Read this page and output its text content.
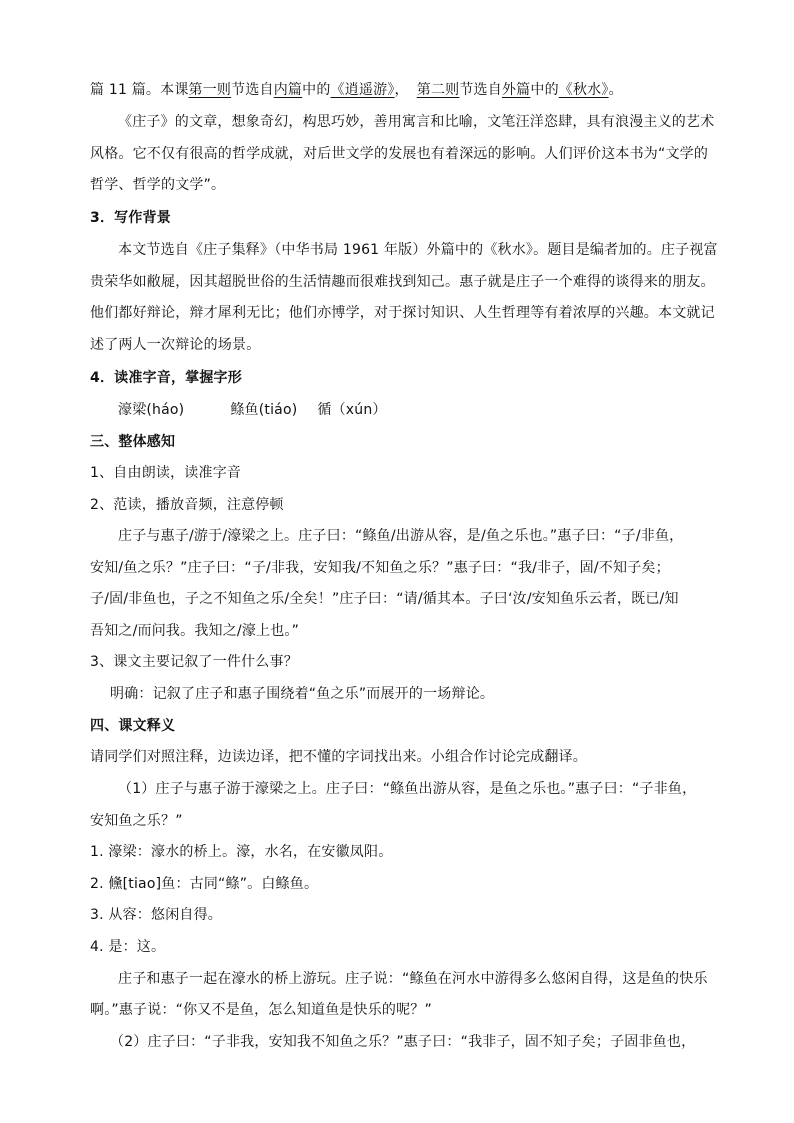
篇 11 篇。本课第一则节选自内篇中的《逍遥游》， 第二则节选自外篇中的《秋水》。
《庄子》的文章，想象奇幻，构思巧妙，善用寓言和比喻，文笔汪洋恣肆，具有浪漫主义的艺术
风格。它不仅有很高的哲学成就，对后世文学的发展也有着深远的影响。人们评价这本书为“文学的
哲学、哲学的文学”。
3．写作背景
本文节选自《庄子集释》（中华书局 1961 年版）外篇中的《秋水》。题目是编者加的。庄子视富
贵荣华如敝屣，因其超脱世俗的生活情趣而很难找到知己。惠子就是庄子一个难得的谈得来的朋友。
他们都好辩论，辩才犀利无比；他们亦博学，对于探讨知识、人生哲理等有着浓厚的兴趣。本文就记
述了两人一次辩论的场景。
4．读准字音，掌握字形
濠梁(háo)	鲦鱼(tiáo) 循（xún）
三、整体感知
1、自由朗读，读准字音
2、范读，播放音频，注意停顿
庄子与惠子/游于/濠梁之上。庄子曰：“鲦鱼/出游从容，是/鱼之乐也。”惠子曰：“子/非鱼，
安知/鱼之乐？”庄子曰：“子/非我，安知我/不知鱼之乐？”惠子曰：“我/非子，固/不知子矣；
子/固/非鱼也，子之不知鱼之乐/全矣！”庄子曰：“请/循其本。子曰‘汝/安知鱼乐云者，既已/知
吾知之/而问我。我知之/濠上也。”
3、课文主要记叙了一件什么事？
明确：记叙了庄子和惠子围绕着“鱼之乐”而展开的一场辩论。
四、课文释义
请同学们对照注释，边读边译，把不懂的字词找出来。小组合作讨论完成翻译。
（1）庄子与惠子游于濠梁之上。庄子曰：“鲦鱼出游从容，是鱼之乐也。”惠子曰：“子非鱼，
安知鱼之乐？”
1. 濠梁：濠水的桥上。濠，水名，在安徽凤阳。
2. 儵[tiao]鱼：古同“鲦”。白鲦鱼。
3. 从容：悠闲自得。
4. 是：这。
庄子和惠子一起在濠水的桥上游玩。庄子说：“鲦鱼在河水中游得多么悠闲自得，这是鱼的快乐
啊。”惠子说：“你又不是鱼，怎么知道鱼是快乐的呢？”
（2）庄子曰：“子非我，安知我不知鱼之乐？”惠子曰：“我非子，固不知子矣；子固非鱼也，
